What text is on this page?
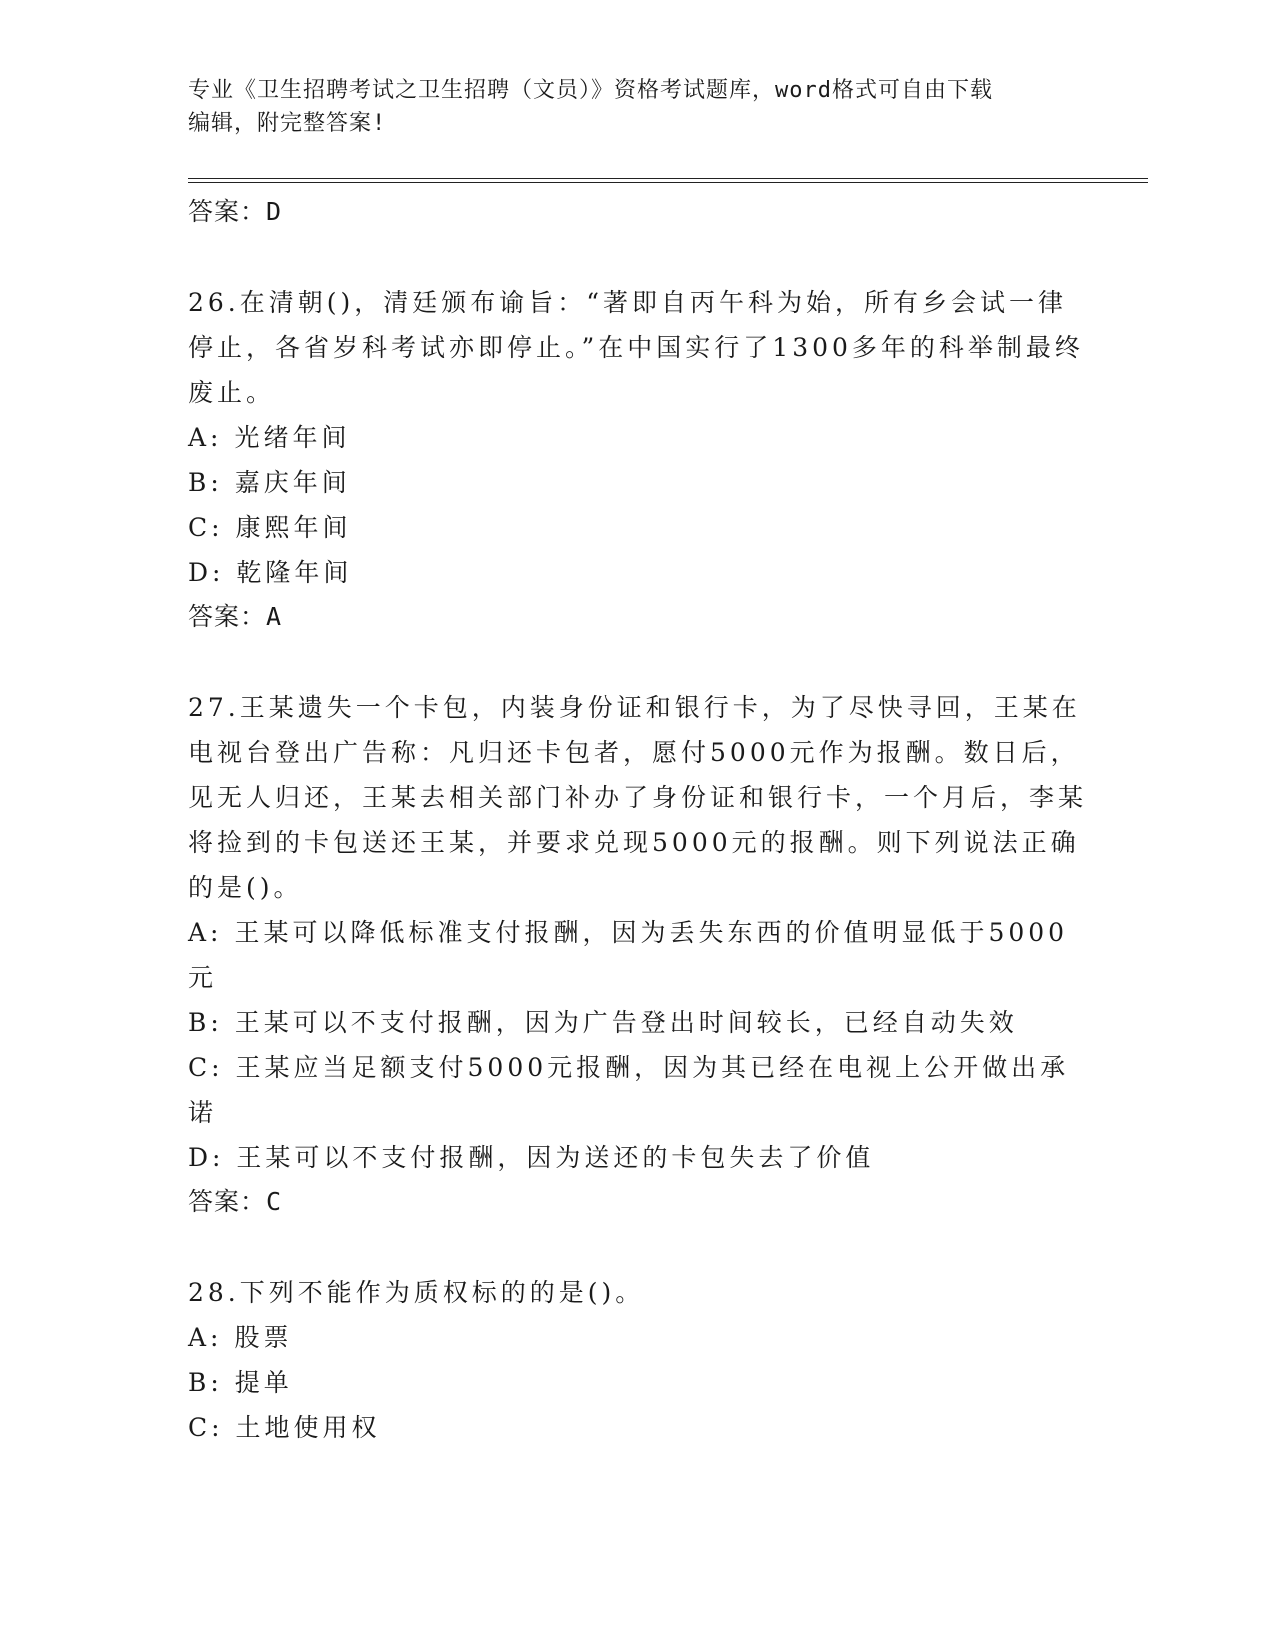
专业《卫生招聘考试之卫生招聘（文员）》资格考试题库，word格式可自由下载
编辑，附完整答案!
答案：D
26.在清朝()，清廷颁布谕旨：“著即自丙午科为始，所有乡会试一律停止，各省岁科考试亦即停止。”在中国实行了1300多年的科举制最终废止。
A: 光绪年间
B: 嘉庆年间
C: 康熙年间
D: 乾隆年间
答案：A
27.王某遗失一个卡包，内装身份证和银行卡，为了尽快寻回，王某在电视台登出广告称：凡归还卡包者，愿付5000元作为报酬。数日后，见无人归还，王某去相关部门补办了身份证和银行卡，一个月后，李某将捡到的卡包送还王某，并要求兑现5000元的报酬。则下列说法正确的是()。
A: 王某可以降低标准支付报酬，因为丢失东西的价值明显低于5000元
B: 王某可以不支付报酬，因为广告登出时间较长，已经自动失效
C: 王某应当足额支付5000元报酬，因为其已经在电视上公开做出承诺
D: 王某可以不支付报酬，因为送还的卡包失去了价值
答案：C
28.下列不能作为质权标的的是()。
A: 股票
B: 提单
C: 土地使用权
